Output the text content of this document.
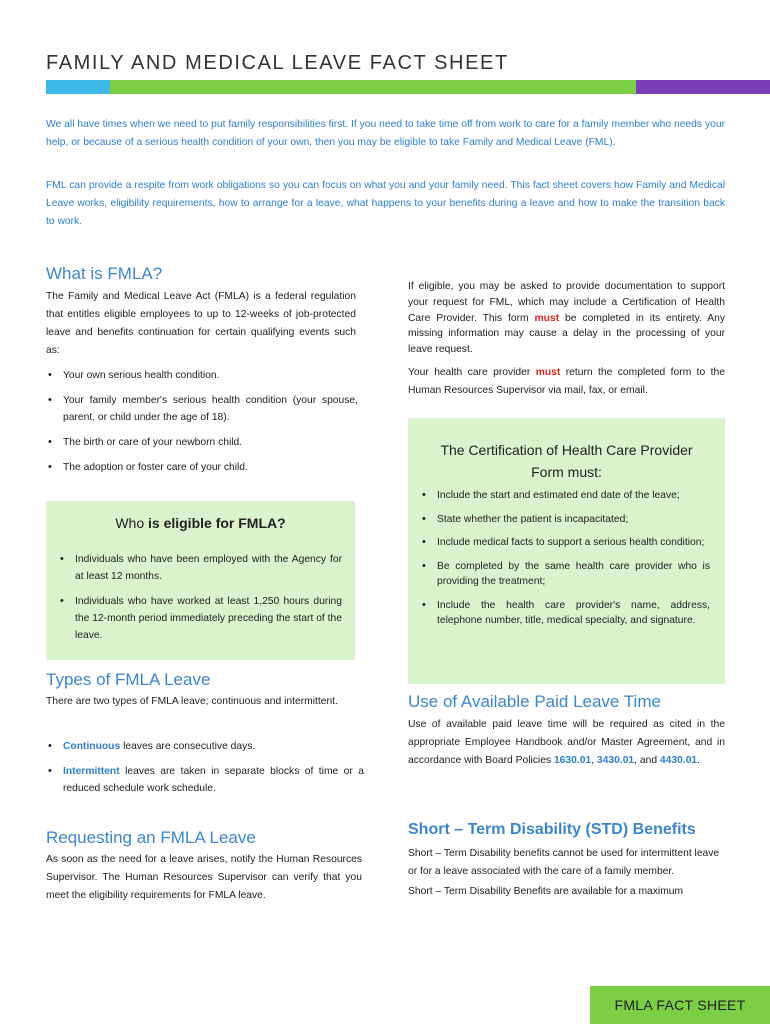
FAMILY AND MEDICAL LEAVE FACT SHEET
We all have times when we need to put family responsibilities first. If you need to take time off from work to care for a family member who needs your help, or because of a serious health condition of your own, then you may be eligible to take Family and Medical Leave (FML).
FML can provide a respite from work obligations so you can focus on what you and your family need. This fact sheet covers how Family and Medical Leave works, eligibility requirements, how to arrange for a leave, what happens to your benefits during a leave and how to make the transition back to work.
What is FMLA?
The Family and Medical Leave Act (FMLA) is a federal regulation that entitles eligible employees to up to 12-weeks of job-protected leave and benefits continuation for certain qualifying events such as:
• Your own serious health condition.
• Your family member's serious health condition (your spouse, parent, or child under the age of 18).
• The birth or care of your newborn child.
• The adoption or foster care of your child.
Who is eligible for FMLA?
• Individuals who have been employed with the Agency for at least 12 months.
• Individuals who have worked at least 1,250 hours during the 12-month period immediately preceding the start of the leave.
Types of FMLA Leave
There are two types of FMLA leave; continuous and intermittent.
• Continuous leaves are consecutive days.
• Intermittent leaves are taken in separate blocks of time or a reduced schedule work schedule.
Requesting an FMLA Leave
As soon as the need for a leave arises, notify the Human Resources Supervisor. The Human Resources Supervisor can verify that you meet the eligibility requirements for FMLA leave.
If eligible, you may be asked to provide documentation to support your request for FML, which may include a Certification of Health Care Provider. This form must be completed in its entirety. Any missing information may cause a delay in the processing of your leave request.
Your health care provider must return the completed form to the Human Resources Supervisor via mail, fax, or email.
The Certification of Health Care Provider
Form must:
• Include the start and estimated end date of the leave;
• State whether the patient is incapacitated;
• Include medical facts to support a serious health condition;
• Be completed by the same health care provider who is providing the treatment;
• Include the health care provider's name, address, telephone number, title, medical specialty, and signature.
Use of Available Paid Leave Time
Use of available paid leave time will be required as cited in the appropriate Employee Handbook and/or Master Agreement, and in accordance with Board Policies 1630.01, 3430.01, and 4430.01.
Short – Term Disability (STD) Benefits
Short – Term Disability benefits cannot be used for intermittent leave or for a leave associated with the care of a family member.
Short – Term Disability Benefits are available for a maximum
FMLA FACT SHEET
